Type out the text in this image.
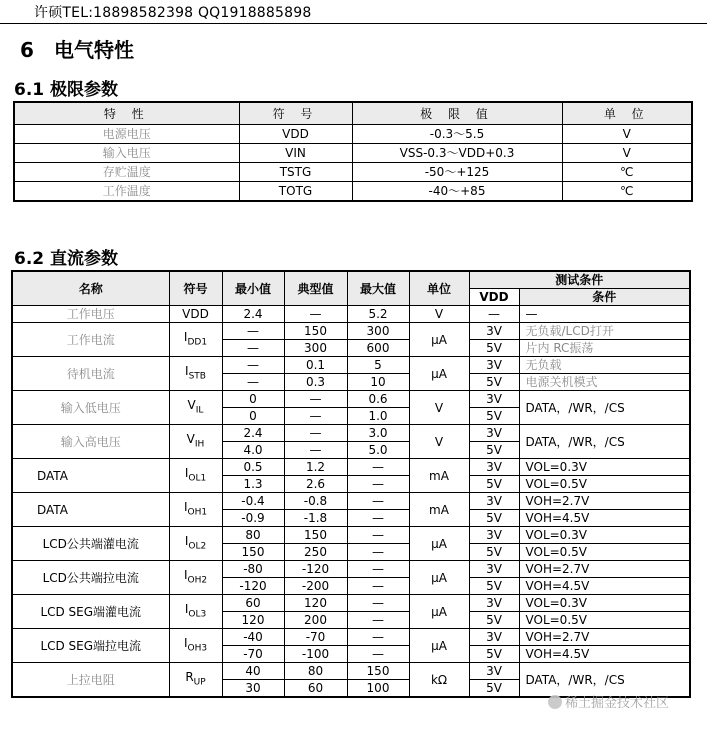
许硕TEL:18898582398 QQ1918885898
6 电气特性
6.1 极限参数
特 性	符 号	极 限 值	单 位
电源电压	VDD	-0.3～5.5	V
输入电压	VIN	VSS-0.3～VDD+0.3	V
存贮温度	TSTG	-50～+125	℃
工作温度	TOTG	-40～+85	℃
6.2 直流参数
名称	符号	最小值	典型值	最大值	单位	测试条件	
						VDD	条件
工作电压	VDD	2.4	—	5.2	V	—	—
工作电流	$I_{DD1}$	—	150	300	μA	3V	无负载/LCD打开
		—	300	600		5V	片内 RC振荡
待机电流	$I_{STB}$	—	0.1	5	μA	3V	无负载
		—	0.3	10		5V	电源关机模式
输入低电压	$V_{IL}$	0	—	0.6	V	3V	DATA，/WR，/CS
		0	—	1.0		5V	
输入高电压	$V_{IH}$	2.4	—	3.0	V	3V	DATA，/WR，/CS
		4.0	—	5.0		5V	
DATA	$I_{OL1}$	0.5	1.2	—	mA	3V	VOL=0.3V
		1.3	2.6	—		5V	VOL=0.5V
DATA	$I_{OH1}$	-0.4	-0.8	—	mA	3V	VOH=2.7V
		-0.9	-1.8	—		5V	VOH=4.5V
LCD公共端灌电流	$I_{OL2}$	80	150	—	μA	3V	VOL=0.3V
		150	250	—		5V	VOL=0.5V
LCD公共端拉电流	$I_{OH2}$	-80	-120	—	μA	3V	VOH=2.7V
		-120	-200	—		5V	VOH=4.5V
LCD SEG端灌电流	$I_{OL3}$	60	120	—	μA	3V	VOL=0.3V
		120	200	—		5V	VOL=0.5V
LCD SEG端拉电流	$I_{OH3}$	-40	-70	—	μA	3V	VOH=2.7V
		-70	-100	—		5V	VOH=4.5V
上拉电阻	$R_{UP}$	40	80	150	kΩ	3V	DATA，/WR，/CS
		30	60	100		5V	
稀土掘金技术社区
